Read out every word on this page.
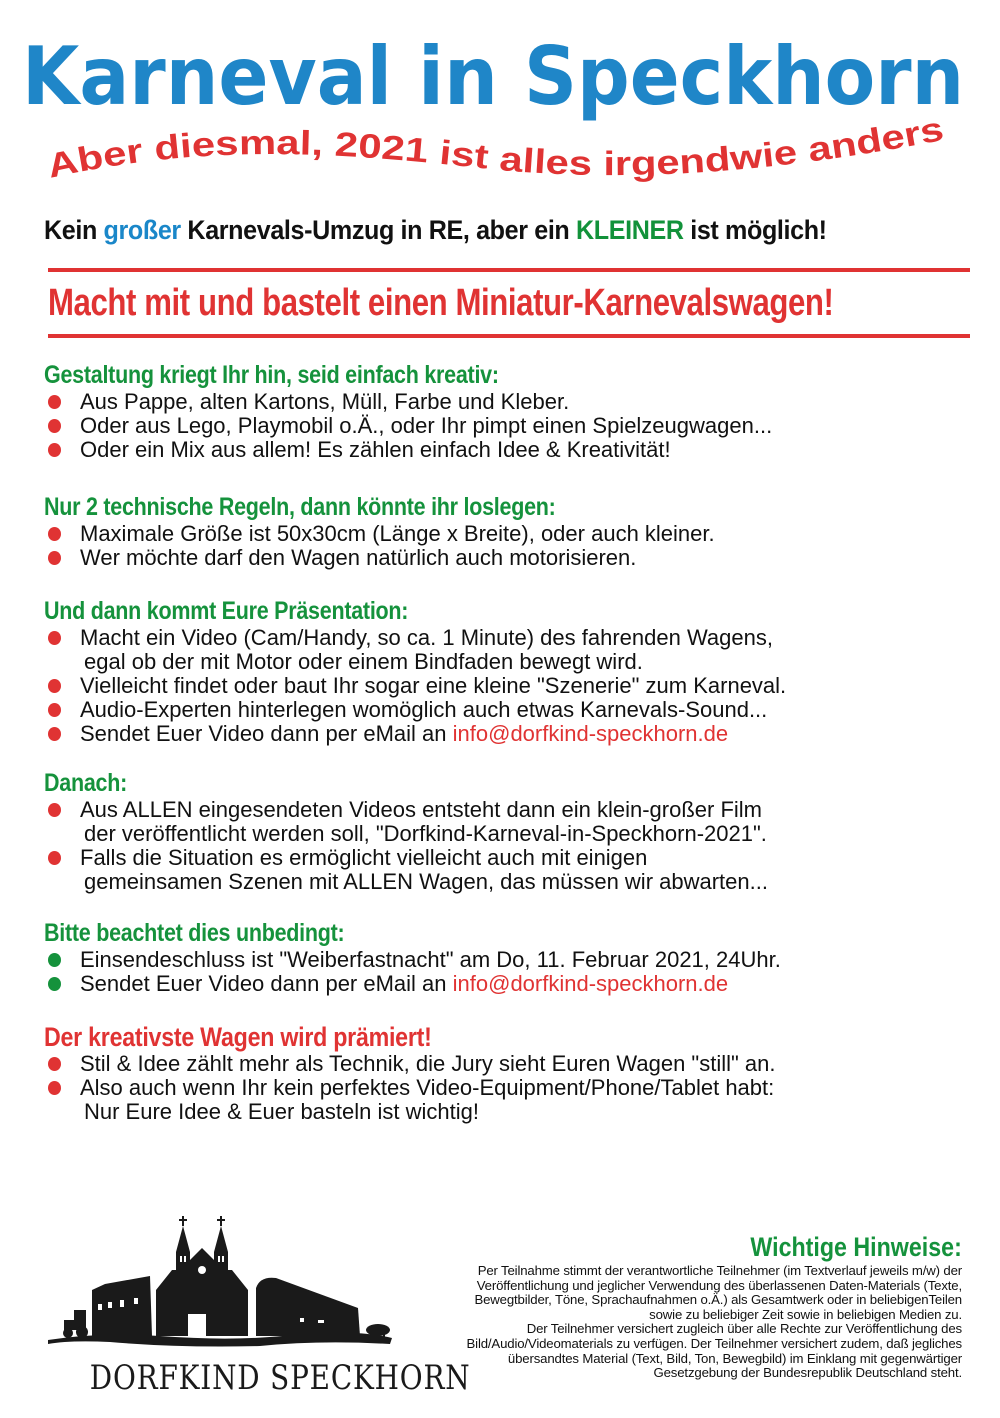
Karneval in Speckhorn
Aber diesmal, 2021 ist alles irgendwie anders
Kein großer Karnevals-Umzug in RE, aber ein KLEINER ist möglich!
Macht mit und bastelt einen Miniatur-Karnevalswagen!
Gestaltung kriegt Ihr hin, seid einfach kreativ:
Aus Pappe, alten Kartons, Müll, Farbe und Kleber.
Oder aus Lego, Playmobil o.Ä., oder Ihr pimpt einen Spielzeugwagen...
Oder ein Mix aus allem! Es zählen einfach Idee & Kreativität!
Nur 2 technische Regeln, dann könnte ihr loslegen:
Maximale Größe ist 50x30cm (Länge x Breite), oder auch kleiner.
Wer möchte darf den Wagen natürlich auch motorisieren.
Und dann kommt Eure Präsentation:
Macht ein Video (Cam/Handy, so ca. 1 Minute) des fahrenden Wagens,
egal ob der mit Motor oder einem Bindfaden bewegt wird.
Vielleicht findet oder baut Ihr sogar eine kleine "Szenerie" zum Karneval.
Audio-Experten hinterlegen womöglich auch etwas Karnevals-Sound...
Sendet Euer Video dann per eMail an info@dorfkind-speckhorn.de
Danach:
Aus ALLEN eingesendeten Videos entsteht dann ein klein-großer Film
der veröffentlicht werden soll, "Dorfkind-Karneval-in-Speckhorn-2021".
Falls die Situation es ermöglicht vielleicht auch mit einigen
gemeinsamen Szenen mit ALLEN Wagen, das müssen wir abwarten...
Bitte beachtet dies unbedingt:
Einsendeschluss ist "Weiberfastnacht" am Do, 11. Februar 2021, 24Uhr.
Sendet Euer Video dann per eMail an info@dorfkind-speckhorn.de
Der kreativste Wagen wird prämiert!
Stil & Idee zählt mehr als Technik, die Jury sieht Euren Wagen "still" an.
Also auch wenn Ihr kein perfektes Video-Equipment/Phone/Tablet habt:
Nur Eure Idee & Euer basteln ist wichtig!
DORFKIND SPECKHORN
Wichtige Hinweise:
Per Teilnahme stimmt der verantwortliche Teilnehmer (im Textverlauf jeweils m/w) der
Veröffentlichung und jeglicher Verwendung des überlassenen Daten-Materials (Texte,
Bewegtbilder, Töne, Sprachaufnahmen o.Ä.) als Gesamtwerk oder in beliebigenTeilen
sowie zu beliebiger Zeit sowie in beliebigen Medien zu.
Der Teilnehmer versichert zugleich über alle Rechte zur Veröffentlichung des
Bild/Audio/Videomaterials zu verfügen. Der Teilnehmer versichert zudem, daß jegliches
übersandtes Material (Text, Bild, Ton, Bewegbild) im Einklang mit gegenwärtiger
Gesetzgebung der Bundesrepublik Deutschland steht.
